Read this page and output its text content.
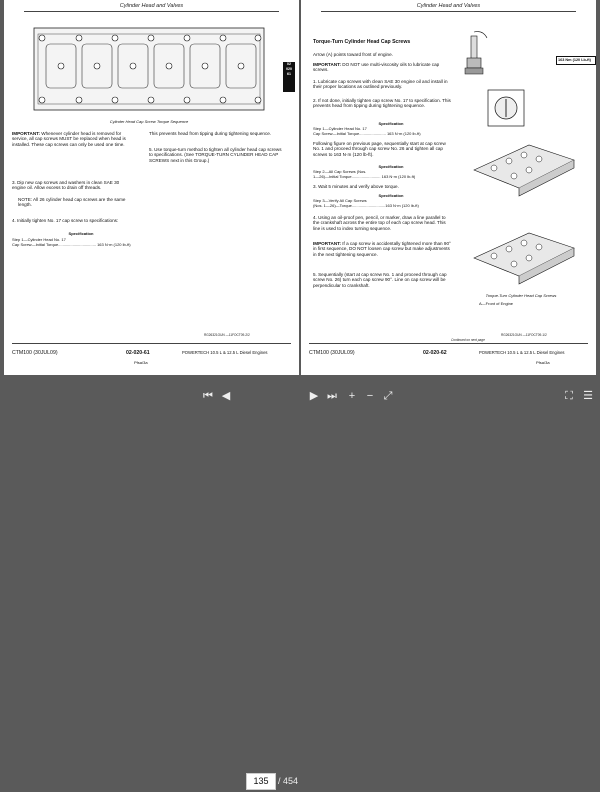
Cylinder Head and Valves
Cylinder Head Cap Screw Torque Sequence
IMPORTANT: Whenever cylinder head is removed for service, all cap screws MUST be replaced when head is installed. These cap screws can only be used one time.
3. Dip new cap screws and washers in clean SAE 30 engine oil. Allow excess to drain off threads.
NOTE: All 26 cylinder head cap screws are the same length.
4. Initially tighten No. 17 cap screw to specifications:
Specification
Step 1—Cylinder Head No. 17
Cap Screw—Initial Torque.................................. 163 N·m (120 lb-ft)
This prevents head from tipping during tightening sequence.
5. Use torque-turn method to tighten all cylinder head cap screws to specifications. (See TORQUE-TURN CYLINDER HEAD CAP SCREWS next in this Group.)
RG26321OUN —11FOCT09-2/2
CTM100 (30JUL09)	02-020-61	POWERTECH 10.5 L & 12.5 L Diesel Engines
Pfsa/3a
02
020
61
Cylinder Head and Valves
Torque-Turn Cylinder Head Cap Screws
Arrow (A) points toward front of engine.
IMPORTANT: DO NOT use multi-viscosity oils to lubricate cap screws.
1. Lubricate cap screws with clean SAE 30 engine oil and install in their proper locations as outlined previously.
2. If not done, initially tighten cap screw No. 17 to specification. This prevents head from tipping during tightening sequence.
Specification
Step 1—Cylinder Head No. 17
Cap Screw—Initial Torque........................ 163 N·m (120 lb-ft)
Following figure on previous page, sequentially start at cap screw No. 1 and proceed through cap screw No. 26 and tighten all cap screws to 163 N·m (120 lb-ft).
Specification
Step 2—All Cap Screws (Nos.
1—26)—Initial Torque.......................... 163 N·m (120 lb-ft)
3. Wait 5 minutes and verify above torque.
Specification
Step 3—Verify All Cap Screws
(Nos. 1—26)—Torque..............................163 N·m (120 lb-ft)
4. Using an oil-proof pen, pencil, or marker, draw a line parallel to the crankshaft across the entire top of each cap screw head. This line is used to index turning sequence.
IMPORTANT: If a cap screw is accidentally tightened more than 90° in first sequence, DO NOT loosen cap screw but make adjustments in the next tightening sequence.
5. Sequentially (start at cap screw No. 1 and proceed through cap screw No. 26) turn each cap screw 90°. Line on cap screw will be perpendicular to crankshaft.
163 Nm (120 Lb-ft)
Torque-Turn Cylinder Head Cap Screws
A—Front of Engine
RG26321OUN —11FOCT09-1/2
Continued on next page
CTM100 (30JUL09)	02-020-62	POWERTECH 10.5 L & 12.5 L Diesel Engines
Pfsa/3a
⏮ ◀
135	/ 454
▶ ⏭	+	− ⤢	⛶ ☰
